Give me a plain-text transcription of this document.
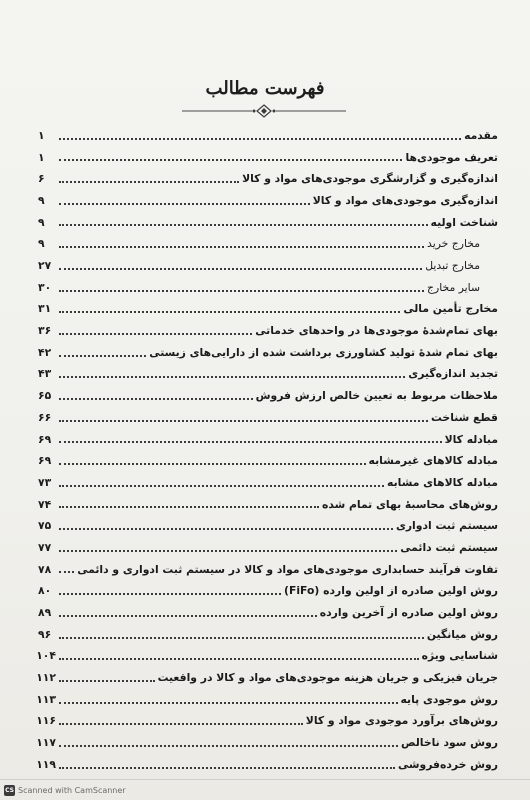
فهرست مطالب
مقدمه
۱
تعریف موجودی‌ها
۱
اندازه‌گیری و گزارشگری موجودی‌های مواد و کالا
۶
اندازه‌گیری موجودی‌های مواد و کالا
۹
شناخت اولیه
۹
مخارج خرید
۹
مخارج تبدیل
۲۷
سایر مخارج
۳۰
مخارج تأمین مالی
۳۱
بهای تمام‌شدهٔ موجودی‌ها در واحدهای خدماتی
۳۶
بهای تمام شدهٔ تولید کشاورزی برداشت شده از دارایی‌های زیستی
۴۲
تجدید اندازه‌گیری
۴۳
ملاحظات مربوط به تعیین خالص ارزش فروش
۶۵
قطع شناخت
۶۶
مبادله کالا
۶۹
مبادله کالاهای غیرمشابه
۶۹
مبادله کالاهای مشابه
۷۳
روش‌های محاسبهٔ بهای تمام شده
۷۴
سیستم ثبت ادواری
۷۵
سیستم ثبت دائمی
۷۷
تفاوت فرآیند حسابداری موجودی‌های مواد و کالا در سیستم ثبت ادواری و دائمی
۷۸
روش اولین صادره از اولین وارده (FiFo)
۸۰
روش اولین صادره از آخرین وارده
۸۹
روش میانگین
۹۶
شناسایی ویژه
۱۰۴
جریان فیزیکی و جریان هزینه موجودی‌های مواد و کالا در واقعیت
۱۱۲
روش موجودی پایه
۱۱۳
روش‌های برآورد موجودی مواد و کالا
۱۱۶
روش سود ناخالص
۱۱۷
روش خرده‌فروشی
۱۱۹
CS Scanned with CamScanner
